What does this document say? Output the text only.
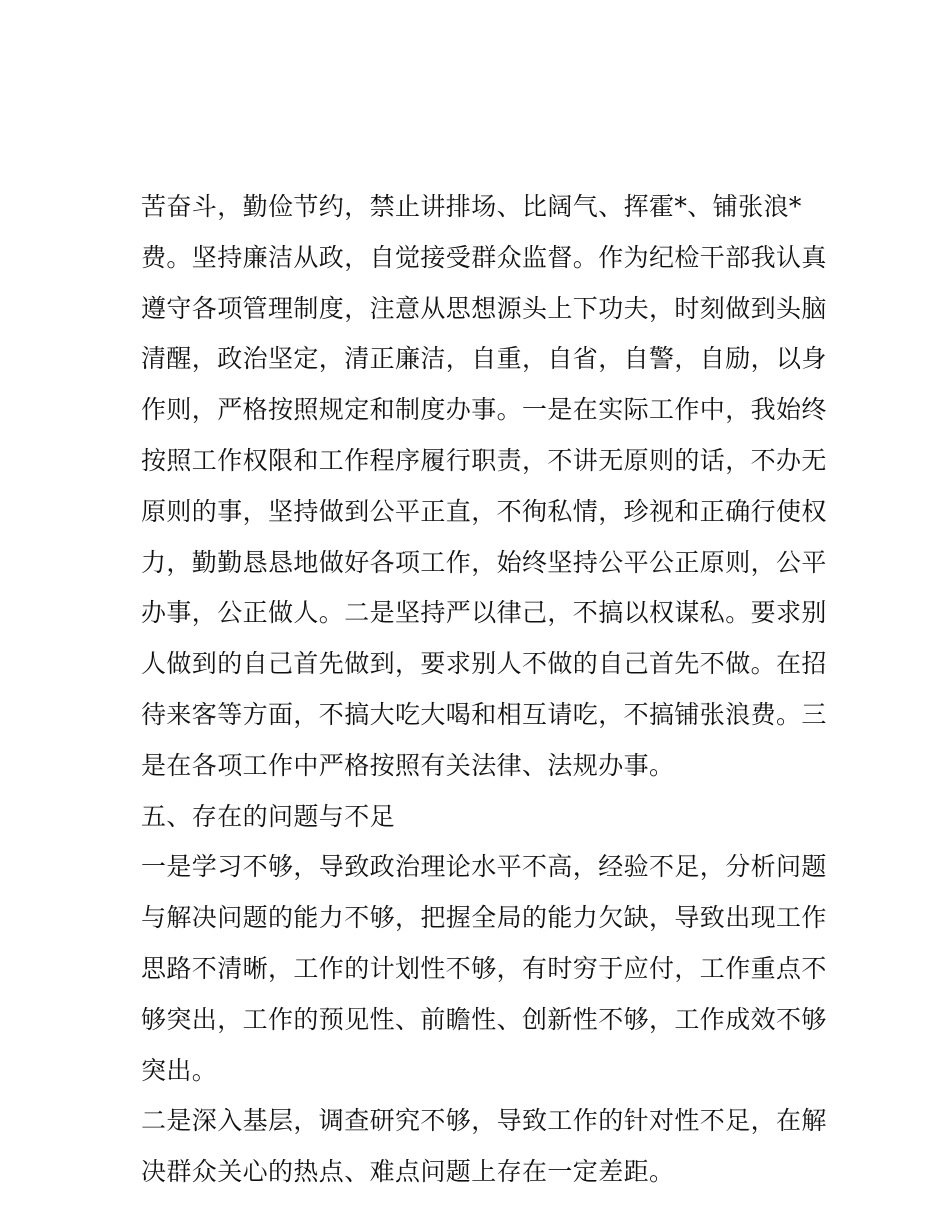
苦奋斗，勤俭节约，禁止讲排场、比阔气、挥霍*、铺张浪*
费。坚持廉洁从政，自觉接受群众监督。作为纪检干部我认真
遵守各项管理制度，注意从思想源头上下功夫，时刻做到头脑
清醒，政治坚定，清正廉洁，自重，自省，自警，自励，以身
作则，严格按照规定和制度办事。一是在实际工作中，我始终
按照工作权限和工作程序履行职责，不讲无原则的话，不办无
原则的事，坚持做到公平正直，不徇私情，珍视和正确行使权
力，勤勤恳恳地做好各项工作，始终坚持公平公正原则，公平
办事，公正做人。二是坚持严以律己，不搞以权谋私。要求别
人做到的自己首先做到，要求别人不做的自己首先不做。在招
待来客等方面，不搞大吃大喝和相互请吃，不搞铺张浪费。三
是在各项工作中严格按照有关法律、法规办事。
五、存在的问题与不足
一是学习不够，导致政治理论水平不高，经验不足，分析问题
与解决问题的能力不够，把握全局的能力欠缺，导致出现工作
思路不清晰，工作的计划性不够，有时穷于应付，工作重点不
够突出，工作的预见性、前瞻性、创新性不够，工作成效不够
突出。
二是深入基层，调查研究不够，导致工作的针对性不足，在解
决群众关心的热点、难点问题上存在一定差距。
